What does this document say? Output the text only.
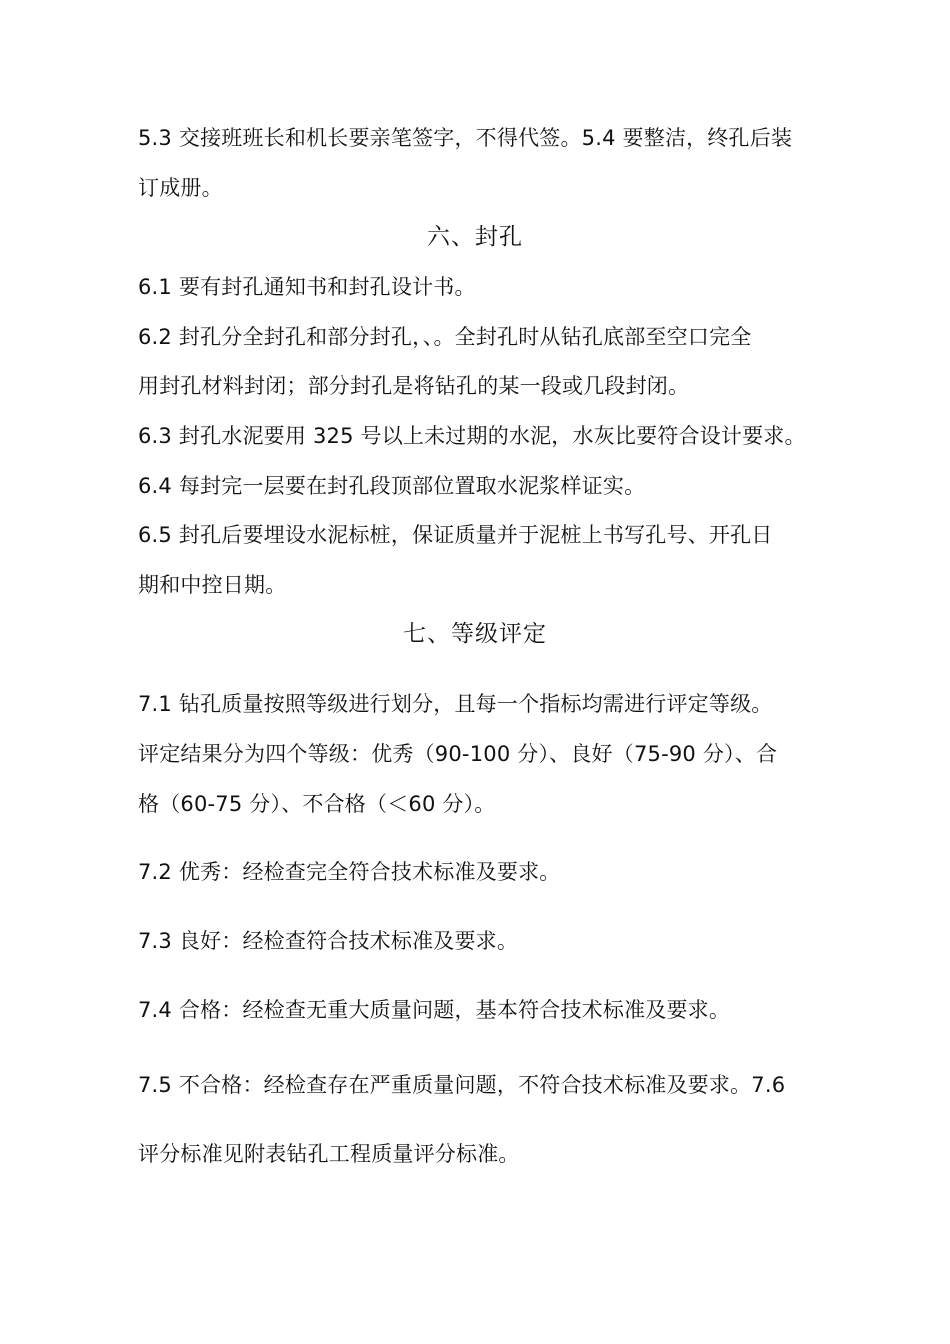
5.3 交接班班长和机长要亲笔签字，不得代签。5.4 要整洁，终孔后装
订成册。
六、封孔
6.1 要有封孔通知书和封孔设计书。
6.2 封孔分全封孔和部分封孔，、。全封孔时从钻孔底部至空口完全
用封孔材料封闭；部分封孔是将钻孔的某一段或几段封闭。
6.3 封孔水泥要用 325 号以上未过期的水泥，水灰比要符合设计要求。
6.4 每封完一层要在封孔段顶部位置取水泥浆样证实。
6.5 封孔后要埋设水泥标桩，保证质量并于泥桩上书写孔号、开孔日
期和中控日期。
七、等级评定
7.1 钻孔质量按照等级进行划分，且每一个指标均需进行评定等级。
评定结果分为四个等级：优秀（90-100 分）、良好（75-90 分）、合
格（60-75 分）、不合格（＜60 分）。
7.2 优秀：经检查完全符合技术标准及要求。
7.3 良好：经检查符合技术标准及要求。
7.4 合格：经检查无重大质量问题，基本符合技术标准及要求。
7.5 不合格：经检查存在严重质量问题，不符合技术标准及要求。7.6
评分标准见附表钻孔工程质量评分标准。
